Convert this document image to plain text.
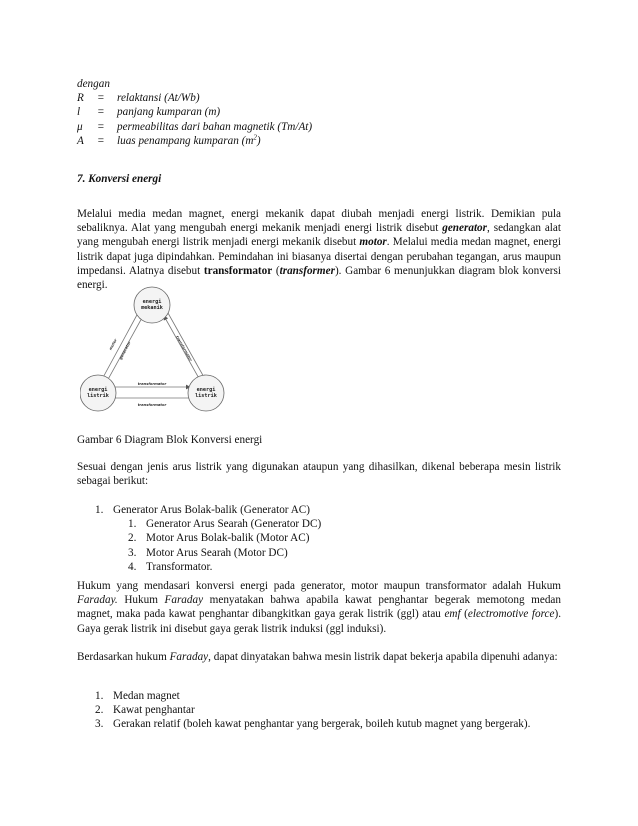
dengan
R = relaktansi (At/Wb)
l = panjang kumparan (m)
μ = permeabilitas dari bahan magnetik (Tm/At)
A = luas penampang kumparan $(m^2)$
7. Konversi energi

Melalui media medan magnet, energi mekanik dapat diubah menjadi energi listrik. Demikian pula sebaliknya. Alat yang mengubah energi mekanik menjadi energi listrik disebut generator, sedangkan alat yang mengubah energi listrik menjadi energi mekanik disebut motor. Melalui media medan magnet, energi listrik dapat juga dipindahkan. Pemindahan ini biasanya disertai dengan perubahan tegangan, arus maupun impedansi. Alatnya disebut transformator (transformer). Gambar 6 menunjukkan diagram blok konversi energi.

energi
mekanik
energi
listrik
energi
listrik
motor generator	transformator
transformator
transformator
Gambar 6 Diagram Blok Konversi energi

Sesuai dengan jenis arus listrik yang digunakan ataupun yang dihasilkan, dikenal beberapa mesin listrik sebagai berikut:

1. Generator Arus Bolak-balik (Generator AC)
1. Generator Arus Searah (Generator DC)
2. Motor Arus Bolak-balik (Motor AC)
3. Motor Arus Searah (Motor DC)
4. Transformator.

Hukum yang mendasari konversi energi pada generator, motor maupun transformator adalah Hukum Faraday. Hukum Faraday menyatakan bahwa apabila kawat penghantar begerak memotong medan magnet, maka pada kawat penghantar dibangkitkan gaya gerak listrik (ggl) atau emf (electromotive force). Gaya gerak listrik ini disebut gaya gerak listrik induksi (ggl induksi).

Berdasarkan hukum Faraday, dapat dinyatakan bahwa mesin listrik dapat bekerja apabila dipenuhi adanya:

1. Medan magnet
2. Kawat penghantar
3. Gerakan relatif (boleh kawat penghantar yang bergerak, boileh kutub magnet yang bergerak).
